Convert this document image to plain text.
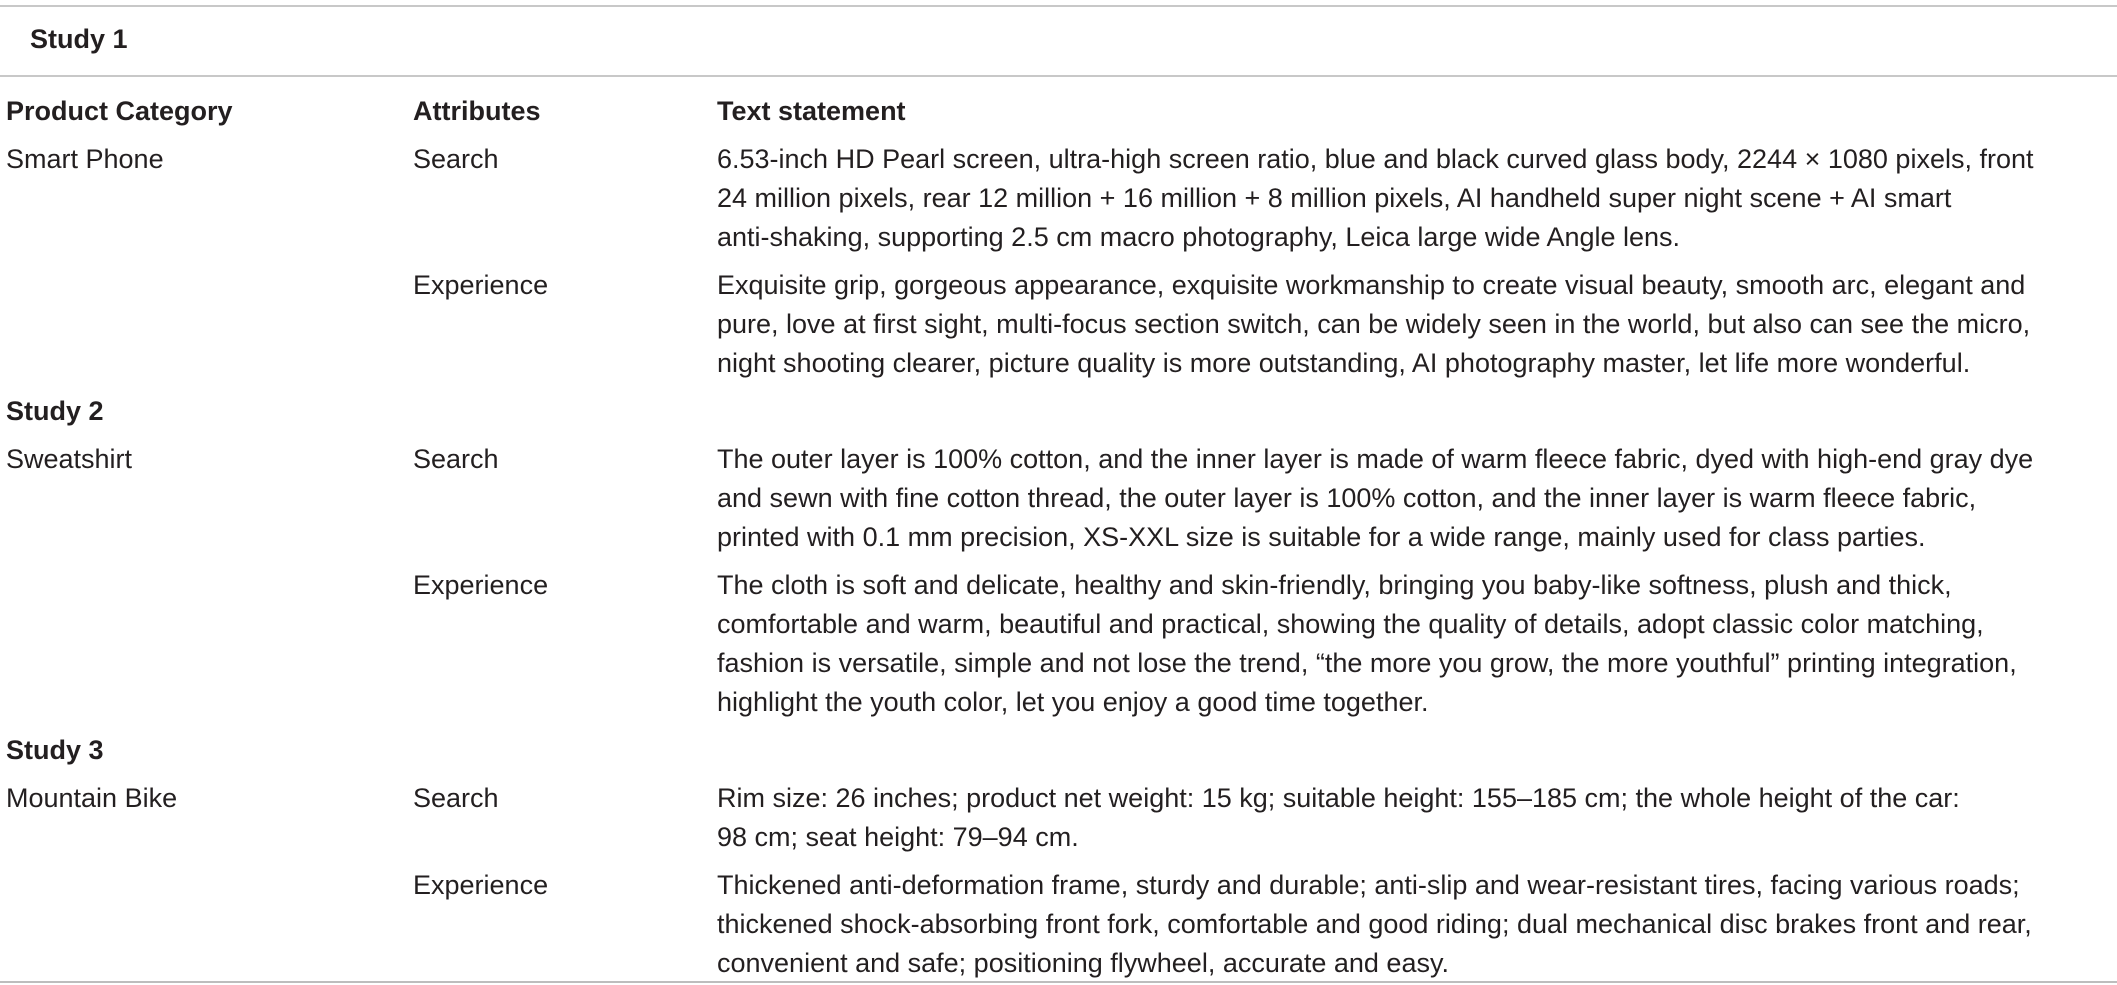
Study 1
Product Category	Attributes	Text statement
Smart Phone	Search	6.53-inch HD Pearl screen, ultra-high screen ratio, blue and black curved glass body, 2244 × 1080 pixels, front
24 million pixels, rear 12 million + 16 million + 8 million pixels, AI handheld super night scene + AI smart
anti-shaking, supporting 2.5 cm macro photography, Leica large wide Angle lens.
Experience	Exquisite grip, gorgeous appearance, exquisite workmanship to create visual beauty, smooth arc, elegant and
pure, love at first sight, multi-focus section switch, can be widely seen in the world, but also can see the micro,
night shooting clearer, picture quality is more outstanding, AI photography master, let life more wonderful.
Study 2
Sweatshirt	Search	The outer layer is 100% cotton, and the inner layer is made of warm fleece fabric, dyed with high-end gray dye
and sewn with fine cotton thread, the outer layer is 100% cotton, and the inner layer is warm fleece fabric,
printed with 0.1 mm precision, XS-XXL size is suitable for a wide range, mainly used for class parties.
Experience	The cloth is soft and delicate, healthy and skin-friendly, bringing you baby-like softness, plush and thick,
comfortable and warm, beautiful and practical, showing the quality of details, adopt classic color matching,
fashion is versatile, simple and not lose the trend, “the more you grow, the more youthful” printing integration,
highlight the youth color, let you enjoy a good time together.
Study 3
Mountain Bike	Search	Rim size: 26 inches; product net weight: 15 kg; suitable height: 155–185 cm; the whole height of the car:
98 cm; seat height: 79–94 cm.
Experience	Thickened anti-deformation frame, sturdy and durable; anti-slip and wear-resistant tires, facing various roads;
thickened shock-absorbing front fork, comfortable and good riding; dual mechanical disc brakes front and rear,
convenient and safe; positioning flywheel, accurate and easy.
